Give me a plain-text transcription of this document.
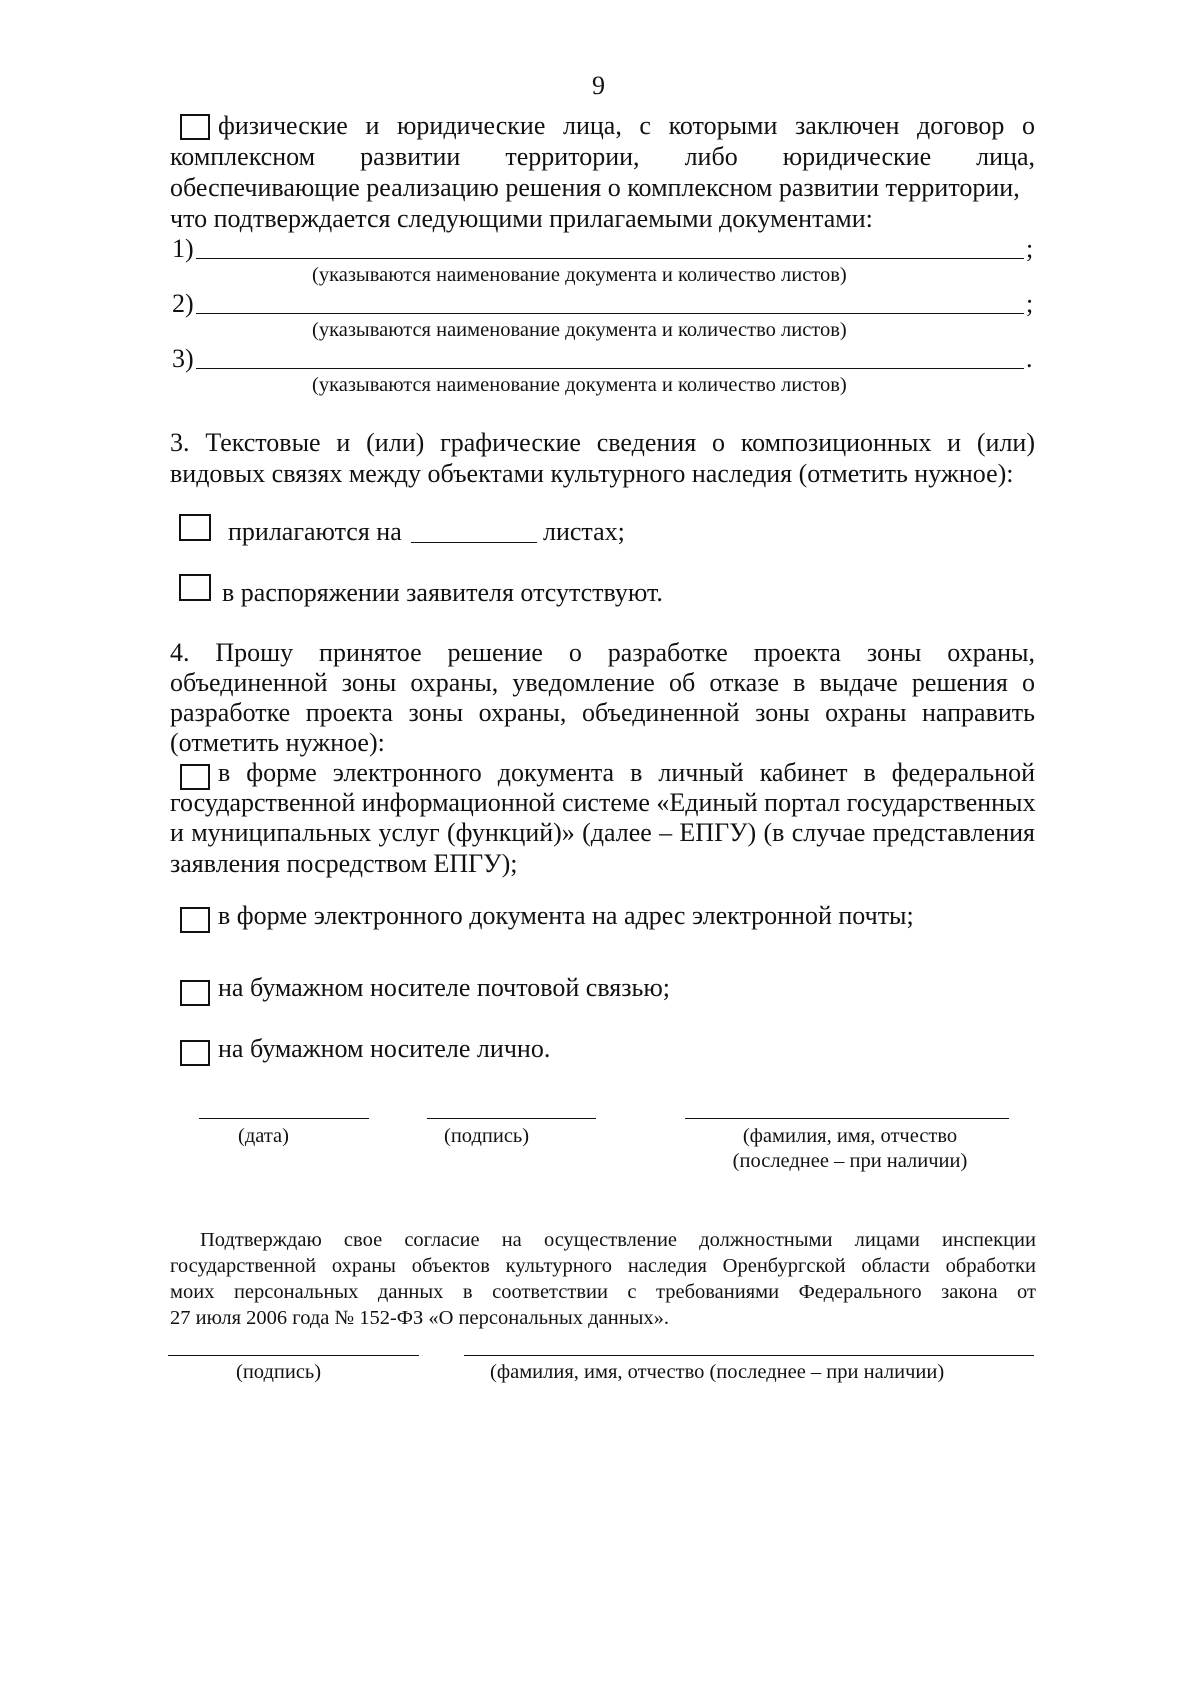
9
физические и юридические лица, с которыми заключен договор о
комплексном развитии территории, либо юридические лица,
обеспечивающие реализацию решения о комплексном развитии территории,
что подтверждается следующими прилагаемыми документами:
1)	;
(указываются наименование документа и количество листов)
2)	;
(указываются наименование документа и количество листов)
3)	.
(указываются наименование документа и количество листов)
3. Текстовые и (или) графические сведения о композиционных и (или)
видовых связях между объектами культурного наследия (отметить нужное):
прилагаются на	листах;
в распоряжении заявителя отсутствуют.
4. Прошу принятое решение о разработке проекта зоны охраны,
объединенной зоны охраны, уведомление об отказе в выдаче решения о
разработке проекта зоны охраны, объединенной зоны охраны направить
(отметить нужное):
в форме электронного документа в личный кабинет в федеральной
государственной информационной системе «Единый портал государственных
и муниципальных услуг (функций)» (далее – ЕПГУ) (в случае представления
заявления посредством ЕПГУ);
в форме электронного документа на адрес электронной почты;
на бумажном носителе почтовой связью;
на бумажном носителе лично.
(дата)	(подпись)	(фамилия, имя, отчество
(последнее – при наличии)
Подтверждаю свое согласие на осуществление должностными лицами инспекции
государственной охраны объектов культурного наследия Оренбургской области обработки
моих персональных данных в соответствии с требованиями Федерального закона от
27 июля 2006 года № 152-ФЗ «О персональных данных».
(подпись)	(фамилия, имя, отчество (последнее – при наличии)
